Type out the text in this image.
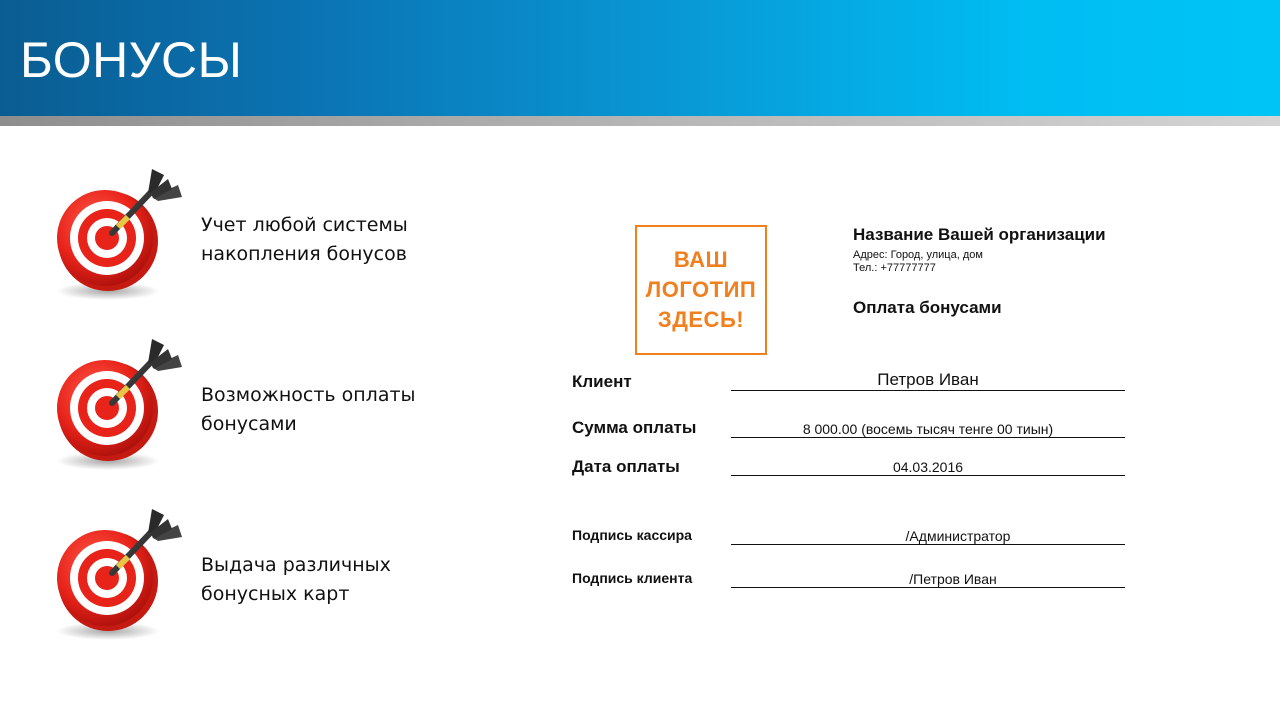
БОНУСЫ
Учет любой системы
накопления бонусов
Возможность оплаты
бонусами
Выдача различных
бонусных карт
ВАШ
ЛОГОТИП
ЗДЕСЬ!
Название Вашей организации
Адрес: Город, улица, дом
Тел.: +77777777
Оплата бонусами
Клиент	Петров Иван
Сумма оплаты	8 000.00 (восемь тысяч тенге 00 тиын)
Дата оплаты	04.03.2016
Подпись кассира	/Администратор
Подпись клиента	/Петров Иван
